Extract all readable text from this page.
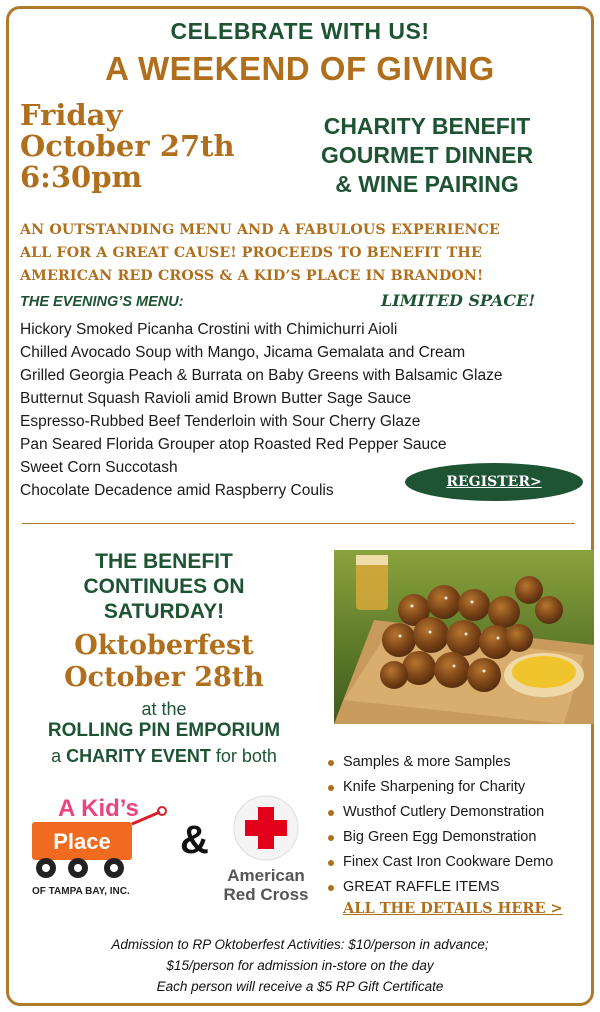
CELEBRATE WITH US!
A WEEKEND OF GIVING
Friday
October 27th
6:30pm
CHARITY BENEFIT
GOURMET DINNER
& WINE PAIRING
AN OUTSTANDING MENU AND A FABULOUS EXPERIENCE
ALL FOR A GREAT CAUSE! PROCEEDS TO BENEFIT THE
AMERICAN RED CROSS & A KID’S PLACE IN BRANDON!
THE EVENING’S MENU:	LIMITED SPACE!
Hickory Smoked Picanha Crostini with Chimichurri Aioli
Chilled Avocado Soup with Mango, Jicama Gemalata and Cream
Grilled Georgia Peach & Burrata on Baby Greens with Balsamic Glaze
Butternut Squash Ravioli amid Brown Butter Sage Sauce
Espresso-Rubbed Beef Tenderloin with Sour Cherry Glaze
Pan Seared Florida Grouper atop Roasted Red Pepper Sauce
Sweet Corn Succotash
Chocolate Decadence amid Raspberry Coulis	REGISTER>
THE BENEFIT
CONTINUES ON
SATURDAY!
Oktoberfest
October 28th
at the
ROLLING PIN EMPORIUM
a CHARITY EVENT for both	Samples & more Samples
Knife Sharpening for Charity
Wusthof Cutlery Demonstration
Big Green Egg Demonstration
Finex Cast Iron Cookware Demo
GREAT RAFFLE ITEMS
ALL THE DETAILS HERE >
A Kid’s
Place
OF TAMPA BAY, INC.
&
American
Red Cross
Admission to RP Oktoberfest Activities: $10/person in advance;
$15/person for admission in-store on the day
Each person will receive a $5 RP Gift Certificate
